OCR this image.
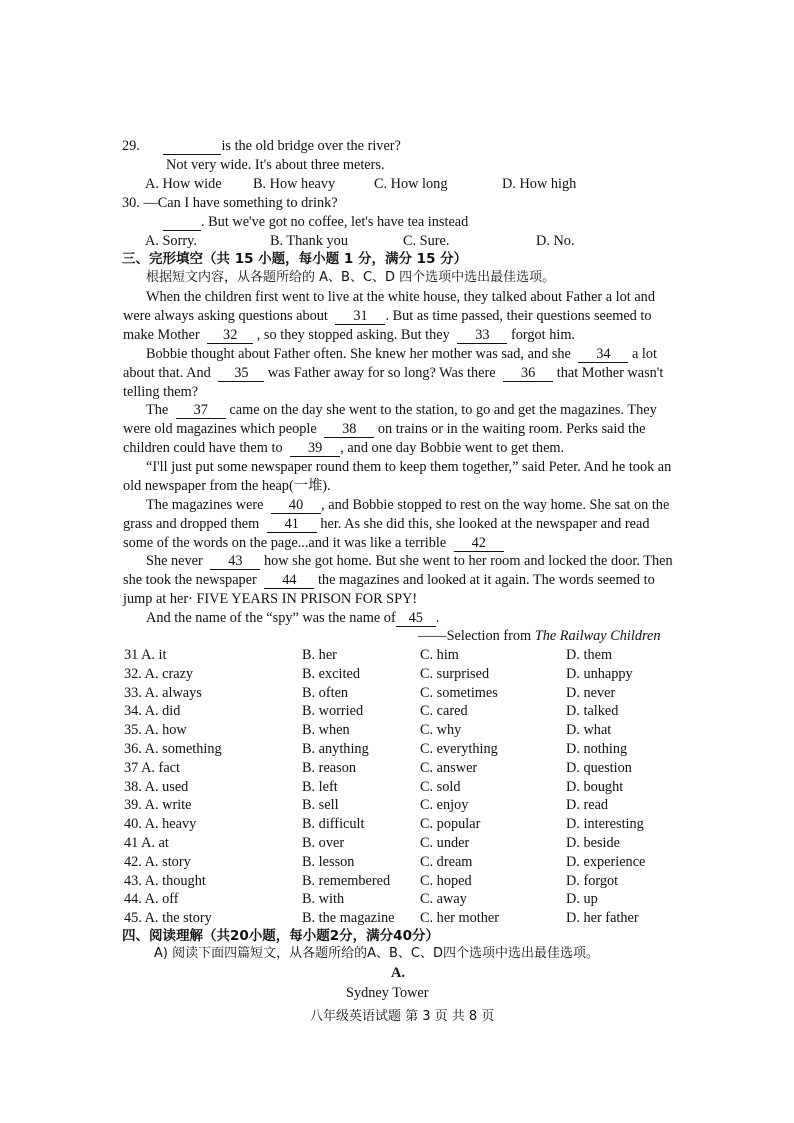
29.	is the old bridge over the river?
Not very wide. It's about three meters.
A. How wide B. How heavy	C. How long	D. How high
30. —Can I have something to drink?
. But we've got no coffee, let's have tea instead
A. Sorry.	B. Thank you	C. Sure.	D. No.
三、完形填空（共 15 小题，每小题 1 分，满分 15 分）
根据短文内容，从各题所给的 A、B、C、D 四个选项中选出最佳选项。
When the children first went to live at the white house, they talked about Father a lot and
were always asking questions about 31 . But as time passed, their questions seemed to
make Mother 32 , so they stopped asking. But they 33 forgot him.
Bobbie thought about Father often. She knew her mother was sad, and she 34 a lot
about that. And 35 was Father away for so long? Was there 36 that Mother wasn't
telling them?
The 37 came on the day she went to the station, to go and get the magazines. They
were old magazines which people 38 on trains or in the waiting room. Perks said the
children could have them to 39 , and one day Bobbie went to get them.
“I'll just put some newspaper round them to keep them together,” said Peter. And he took an
old newspaper from the heap(一堆).
The magazines were 40 , and Bobbie stopped to rest on the way home. She sat on the
grass and dropped them 41 her. As she did this, she looked at the newspaper and read
some of the words on the page...and it was like a terrible 42
She never 43 how she got home. But she went to her room and locked the door. Then
she took the newspaper 44 the magazines and looked at it again. The words seemed to
jump at her· FIVE YEARS IN PRISON FOR SPY!
And the name of the “spy” was the name of 45 .
——Selection from The Railway Children
31 A. it	B. her	C. him	D. them
32. A. crazy	B. excited	C. surprised	D. unhappy
33. A. always	B. often	C. sometimes	D. never
34. A. did	B. worried	C. cared	D. talked
35. A. how	B. when	C. why	D. what
36. A. something	B. anything	C. everything	D. nothing
37 A. fact	B. reason	C. answer	D. question
38. A. used	B. left	C. sold	D. bought
39. A. write	B. sell	C. enjoy	D. read
40. A. heavy	B. difficult	C. popular	D. interesting
41 A. at	B. over	C. under	D. beside
42. A. story	B. lesson	C. dream	D. experience
43. A. thought	B. remembered C. hoped	D. forgot
44. A. off	B. with	C. away	D. up
45. A. the story	B. the magazine C. her mother	D. her father
四、阅读理解（共20小题，每小题2分，满分40分）
A) 阅读下面四篇短文，从各题所给的A、B、C、D四个选项中选出最佳选项。
A.
Sydney Tower
八年级英语试题 第 3 页 共 8 页
